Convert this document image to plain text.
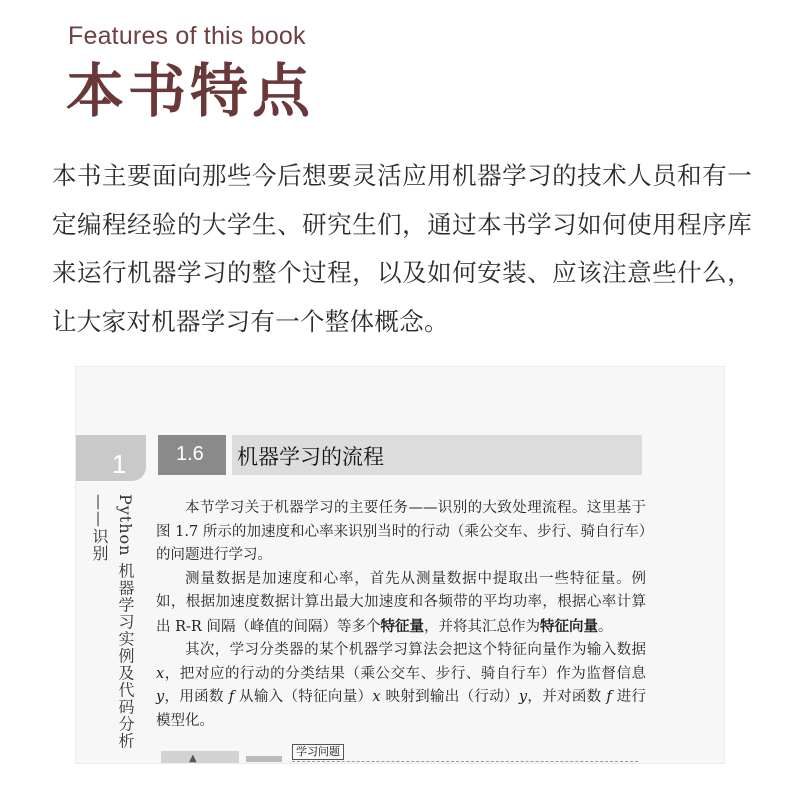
Features of this book
本书特点

本书主要面向那些今后想要灵活应用机器学习的技术人员和有一定编程经验的大学生、研究生们，通过本书学习如何使用程序库来运行机器学习的整个过程，以及如何安装、应该注意些什么，让大家对机器学习有一个整体概念。

1
Python 机器学习实例及代码分析——识别
1.6 机器学习的流程

本节学习关于机器学习的主要任务——识别的大致处理流程。这里基于图 1.7 所示的加速度和心率来识别当时的行动（乘公交车、步行、骑自行车）的问题进行学习。

测量数据是加速度和心率，首先从测量数据中提取出一些特征量。例如，根据加速度数据计算出最大加速度和各频带的平均功率，根据心率计算出 R-R 间隔（峰值的间隔）等多个特征量，并将其汇总作为特征向量。

其次，学习分类器的某个机器学习算法会把这个特征向量作为输入数据 x，把对应的行动的分类结果（乘公交车、步行、骑自行车）作为监督信息 y，用函数 f 从输入（特征向量）x 映射到输出（行动）y，并对函数 f 进行模型化。

▲
学习问题
